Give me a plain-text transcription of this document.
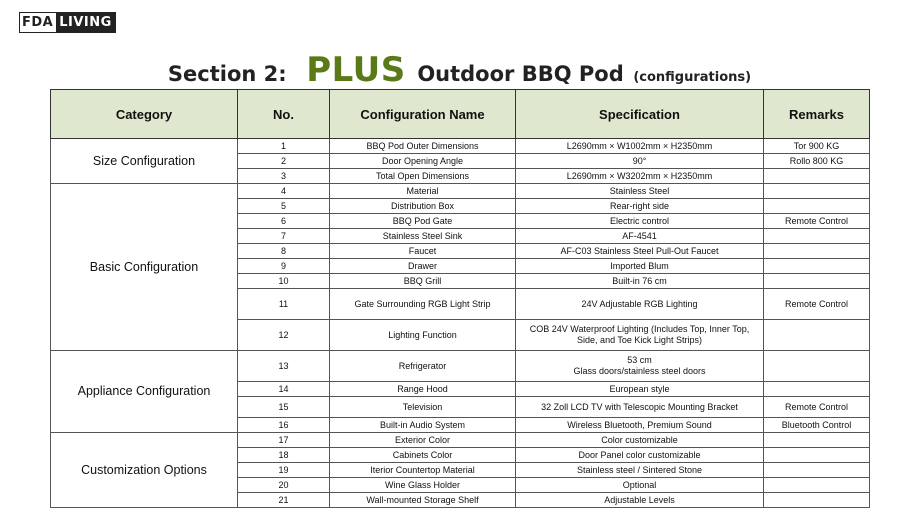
FDA LIVING
Section 2: PLUS Outdoor BBQ Pod (configurations)
Category	No.	Configuration Name	Specification	Remarks
Size Configuration	1	BBQ Pod Outer Dimensions	L2690mm × W1002mm × H2350mm	Tor 900 KG
	2	Door Opening Angle	90°	Rollo 800 KG
	3	Total Open Dimensions	L2690mm × W3202mm × H2350mm	
Basic Configuration	4	Material	Stainless Steel	
	5	Distribution Box	Rear-right side	
	6	BBQ Pod Gate	Electric control	Remote Control
	7	Stainless Steel Sink	AF-4541	
	8	Faucet	AF-C03 Stainless Steel Pull-Out Faucet	
	9	Drawer	Imported Blum	
	10	BBQ Grill	Built-in 76 cm	
	11	Gate Surrounding RGB Light Strip	24V Adjustable RGB Lighting	Remote Control
	12	Lighting Function	COB 24V Waterproof Lighting (Includes Top, Inner Top,
Side, and Toe Kick Light Strips)	

Appliance Configuration	13	Refrigerator	53 cm
Glass doors/stainless steel doors	

	14	Range Hood	European style	
	15	Television	32 Zoll LCD TV with Telescopic Mounting Bracket	Remote Control
	16	Built-in Audio System	Wireless Bluetooth, Premium Sound	Bluetooth Control
Customization Options	17	Exterior Color	Color customizable	
	18	Cabinets Color	Door Panel color customizable	
	19	Iterior Countertop Material	Stainless steel / Sintered Stone	
	20	Wine Glass Holder	Optional	
	21	Wall-mounted Storage Shelf	Adjustable Levels	
